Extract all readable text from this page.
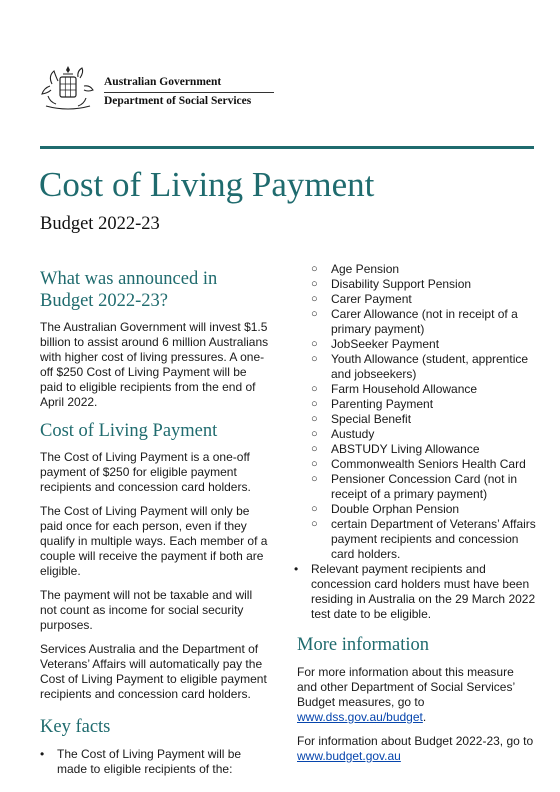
Australian Government
Department of Social Services
Cost of Living Payment
Budget 2022-23
What was announced in Budget 2022-23?

The Australian Government will invest $1.5 billion to assist around 6 million Australians with higher cost of living pressures. A one-off $250 Cost of Living Payment will be paid to eligible recipients from the end of April 2022.

Cost of Living Payment

The Cost of Living Payment is a one-off payment of $250 for eligible payment recipients and concession card holders.

The Cost of Living Payment will only be paid once for each person, even if they qualify in multiple ways. Each member of a couple will receive the payment if both are eligible.

The payment will not be taxable and will not count as income for social security purposes.

Services Australia and the Department of Veterans’ Affairs will automatically pay the Cost of Living Payment to eligible payment recipients and concession card holders.

Key facts
• The Cost of Living Payment will be made to eligible recipients of the:
○ Age Pension
○ Disability Support Pension
○ Carer Payment
○ Carer Allowance (not in receipt of a primary payment)
○ JobSeeker Payment
○ Youth Allowance (student, apprentice and jobseekers)
○ Farm Household Allowance
○ Parenting Payment
○ Special Benefit
○ Austudy
○ ABSTUDY Living Allowance
○ Commonwealth Seniors Health Card
○ Pensioner Concession Card (not in receipt of a primary payment)
○ Double Orphan Pension
○ certain Department of Veterans’ Affairs payment recipients and concession card holders.
• Relevant payment recipients and concession card holders must have been residing in Australia on the 29 March 2022 test date to be eligible.
More information

For more information about this measure and other Department of Social Services’ Budget measures, go to www.dss.gov.au/budget.

For information about Budget 2022-23, go to www.budget.gov.au
